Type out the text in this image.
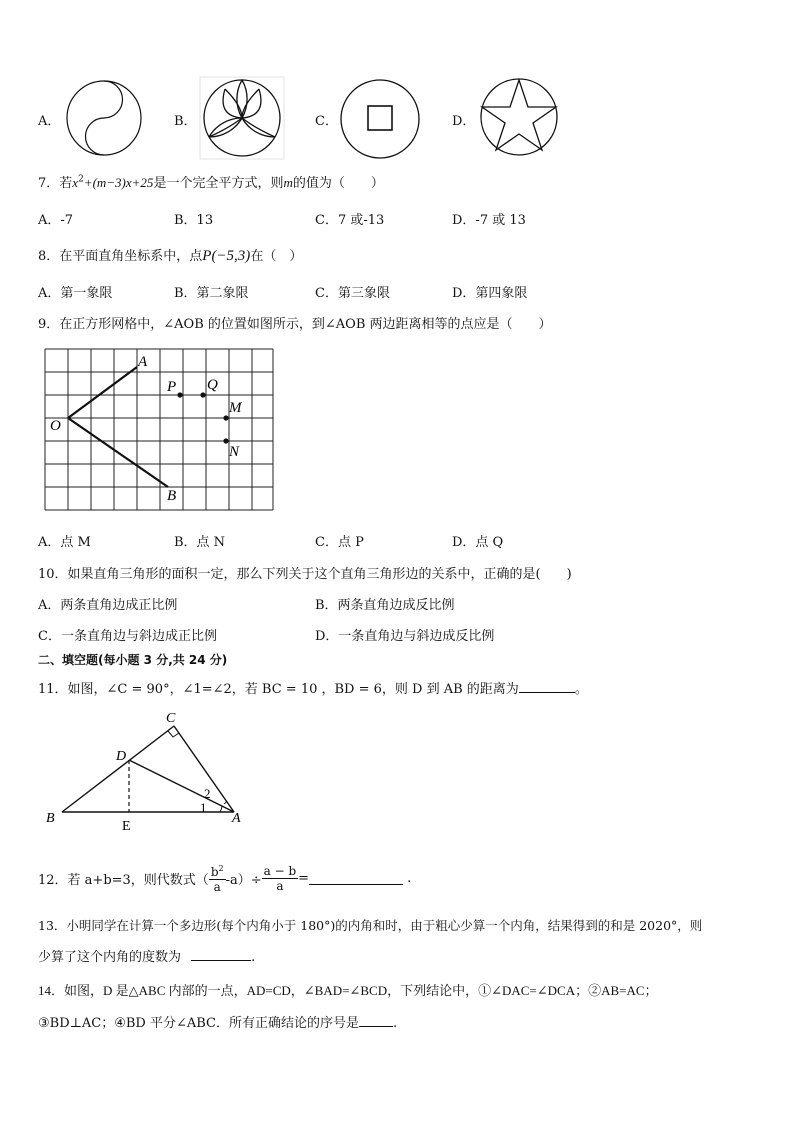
A．	B．	C．	D．
7．若$x^2+(m-3)x+25$是一个完全平方式，则m的值为（　　）
A．-7	B．13	C．7 或-13	D．-7 或 13
8．在平面直角坐标系中，点P(−5,3)在（　）
A．第一象限	B．第二象限	C．第三象限	D．第四象限
9．在正方形网格中，∠AOB 的位置如图所示，到∠AOB 两边距离相等的点应是（　　）
A
O
B
P Q
M
N
A．点 M	B．点 N	C．点 P	D．点 Q
10．如果直角三角形的面积一定，那么下列关于这个直角三角形边的关系中，正确的是(　　)
A．两条直角边成正比例	B．两条直角边成反比例
C．一条直角边与斜边成正比例	D．一条直角边与斜边成反比例
二、填空题(每小题 3 分,共 24 分)
11．如图，∠C = 90°，∠1=∠2，若 BC = 10 ，BD = 6，则 D 到 AB 的距离为	。
C
D
B
E
A
1
2
12．若 a+b=3，则代数式（ $\frac{b^2}{a} -a)\div \frac{a - b}{a}$ =	.
13．小明同学在计算一个多边形(每个内角小于 180°)的内角和时，由于粗心少算一个内角，结果得到的和是 2020°，则
少算了这个内角的度数为	.
14．如图，D 是△ABC 内部的一点，AD=CD，∠BAD=∠BCD，下列结论中，①∠DAC=∠DCA；②AB=AC；
③BD⊥AC；④BD 平分∠ABC．所有正确结论的序号是	.
